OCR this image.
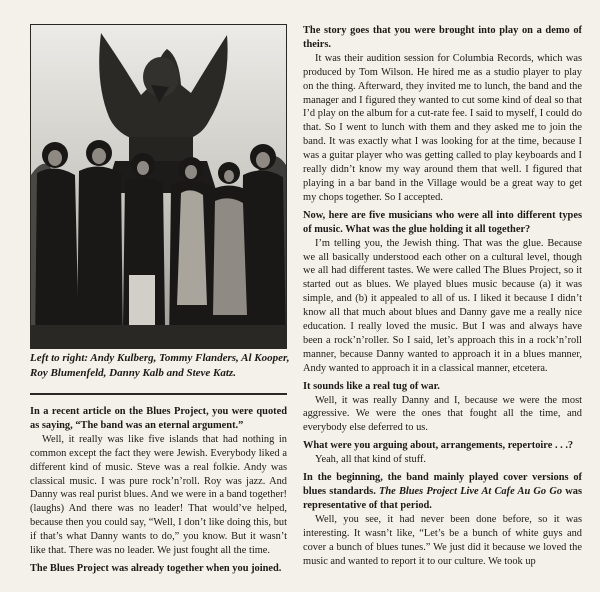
Left to right: Andy Kulberg, Tommy Flanders, Al Kooper, Roy Blumenfeld, Danny Kalb and Steve Katz.

In a recent article on the Blues Project, you were quoted as saying, “The band was an eternal argument.”

Well, it really was like five islands that had nothing in common except the fact they were Jewish. Everybody liked a different kind of music. Steve was a real folkie. Andy was classical music. I was pure rock’n’roll. Roy was jazz. And Danny was real purist blues. And we were in a band together! (laughs) And there was no leader! That would’ve helped, because then you could say, “Well, I don’t like doing this, but if that’s what Danny wants to do,” you know. But it wasn’t like that. There was no leader. We just fought all the time.

The Blues Project was already together when you joined.

The story goes that you were brought into play on a demo of theirs.

It was their audition session for Columbia Records, which was produced by Tom Wilson. He hired me as a studio player to play on the thing. Afterward, they invited me to lunch, the band and the manager and I figured they wanted to cut some kind of deal so that I’d play on the album for a cut-rate fee. I said to myself, I could do that. So I went to lunch with them and they asked me to join the band. It was exactly what I was looking for at the time, because I was a guitar player who was getting called to play keyboards and I really didn’t know my way around them that well. I figured that playing in a bar band in the Village would be a great way to get my chops together. So I accepted.

Now, here are five musicians who were all into different types of music. What was the glue holding it all together?

I’m telling you, the Jewish thing. That was the glue. Because we all basically understood each other on a cultural level, though we all had different tastes. We were called The Blues Project, so it started out as blues. We played blues music because (a) it was simple, and (b) it appealed to all of us. I liked it because I didn’t know all that much about blues and Danny gave me a really nice education. I really loved the music. But I was and always have been a rock’n’roller. So I said, let’s approach this in a rock’n’roll manner, because Danny wanted to approach it in a blues manner, Andy wanted to approach it in a classical manner, etcetera.

It sounds like a real tug of war.

Well, it was really Danny and I, because we were the most aggressive. We were the ones that fought all the time, and everybody else deferred to us.

What were you arguing about, arrangements, repertoire . . .?

Yeah, all that kind of stuff.

In the beginning, the band mainly played cover versions of blues standards. The Blues Project Live At Cafe Au Go Go was representative of that period.

Well, you see, it had never been done before, so it was interesting. It wasn’t like, “Let’s be a bunch of white guys and cover a bunch of blues tunes.” We just did it because we loved the music and wanted to report it to our culture. We took up
